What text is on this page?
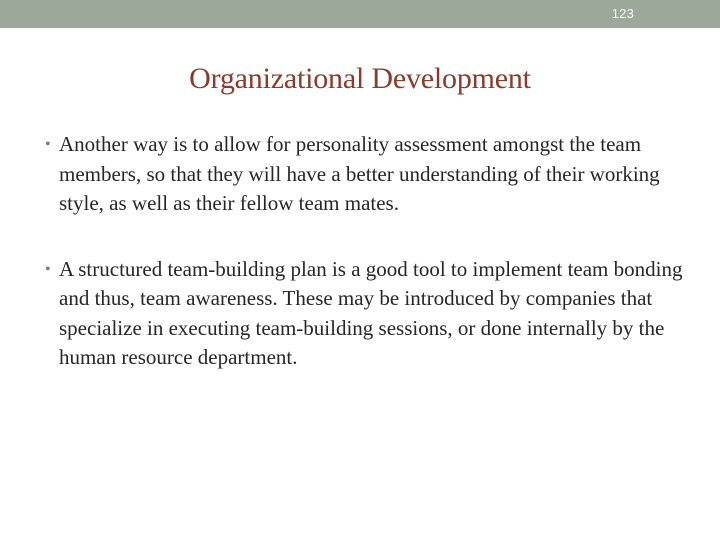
123
Organizational Development
• Another way is to allow for personality assessment amongst the team members, so that they will have a better understanding of their working style, as well as their fellow team mates.
• A structured team-building plan is a good tool to implement team bonding and thus, team awareness. These may be introduced by companies that specialize in executing team-building sessions, or done internally by the human resource department.
